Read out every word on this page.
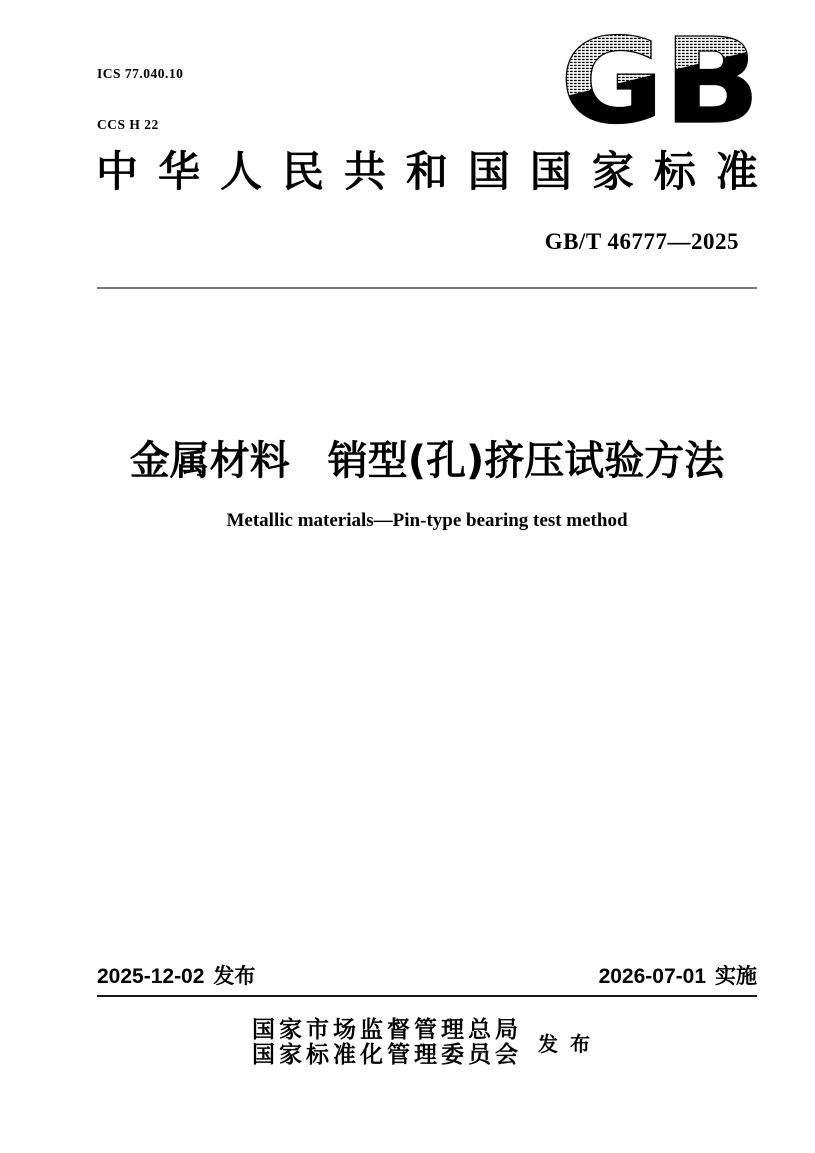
ICS 77.040.10

CCS H 22

中 华 人 民 共 和 国 国 家 标 准
GB/T 46777—2025
金属材料 销型(孔)挤压试验方法
Metallic materials—Pin-type bearing test method
2025-12-02 发布	2026-07-01 实施
国家市场监督管理总局
国家标准化管理委员会 发布
